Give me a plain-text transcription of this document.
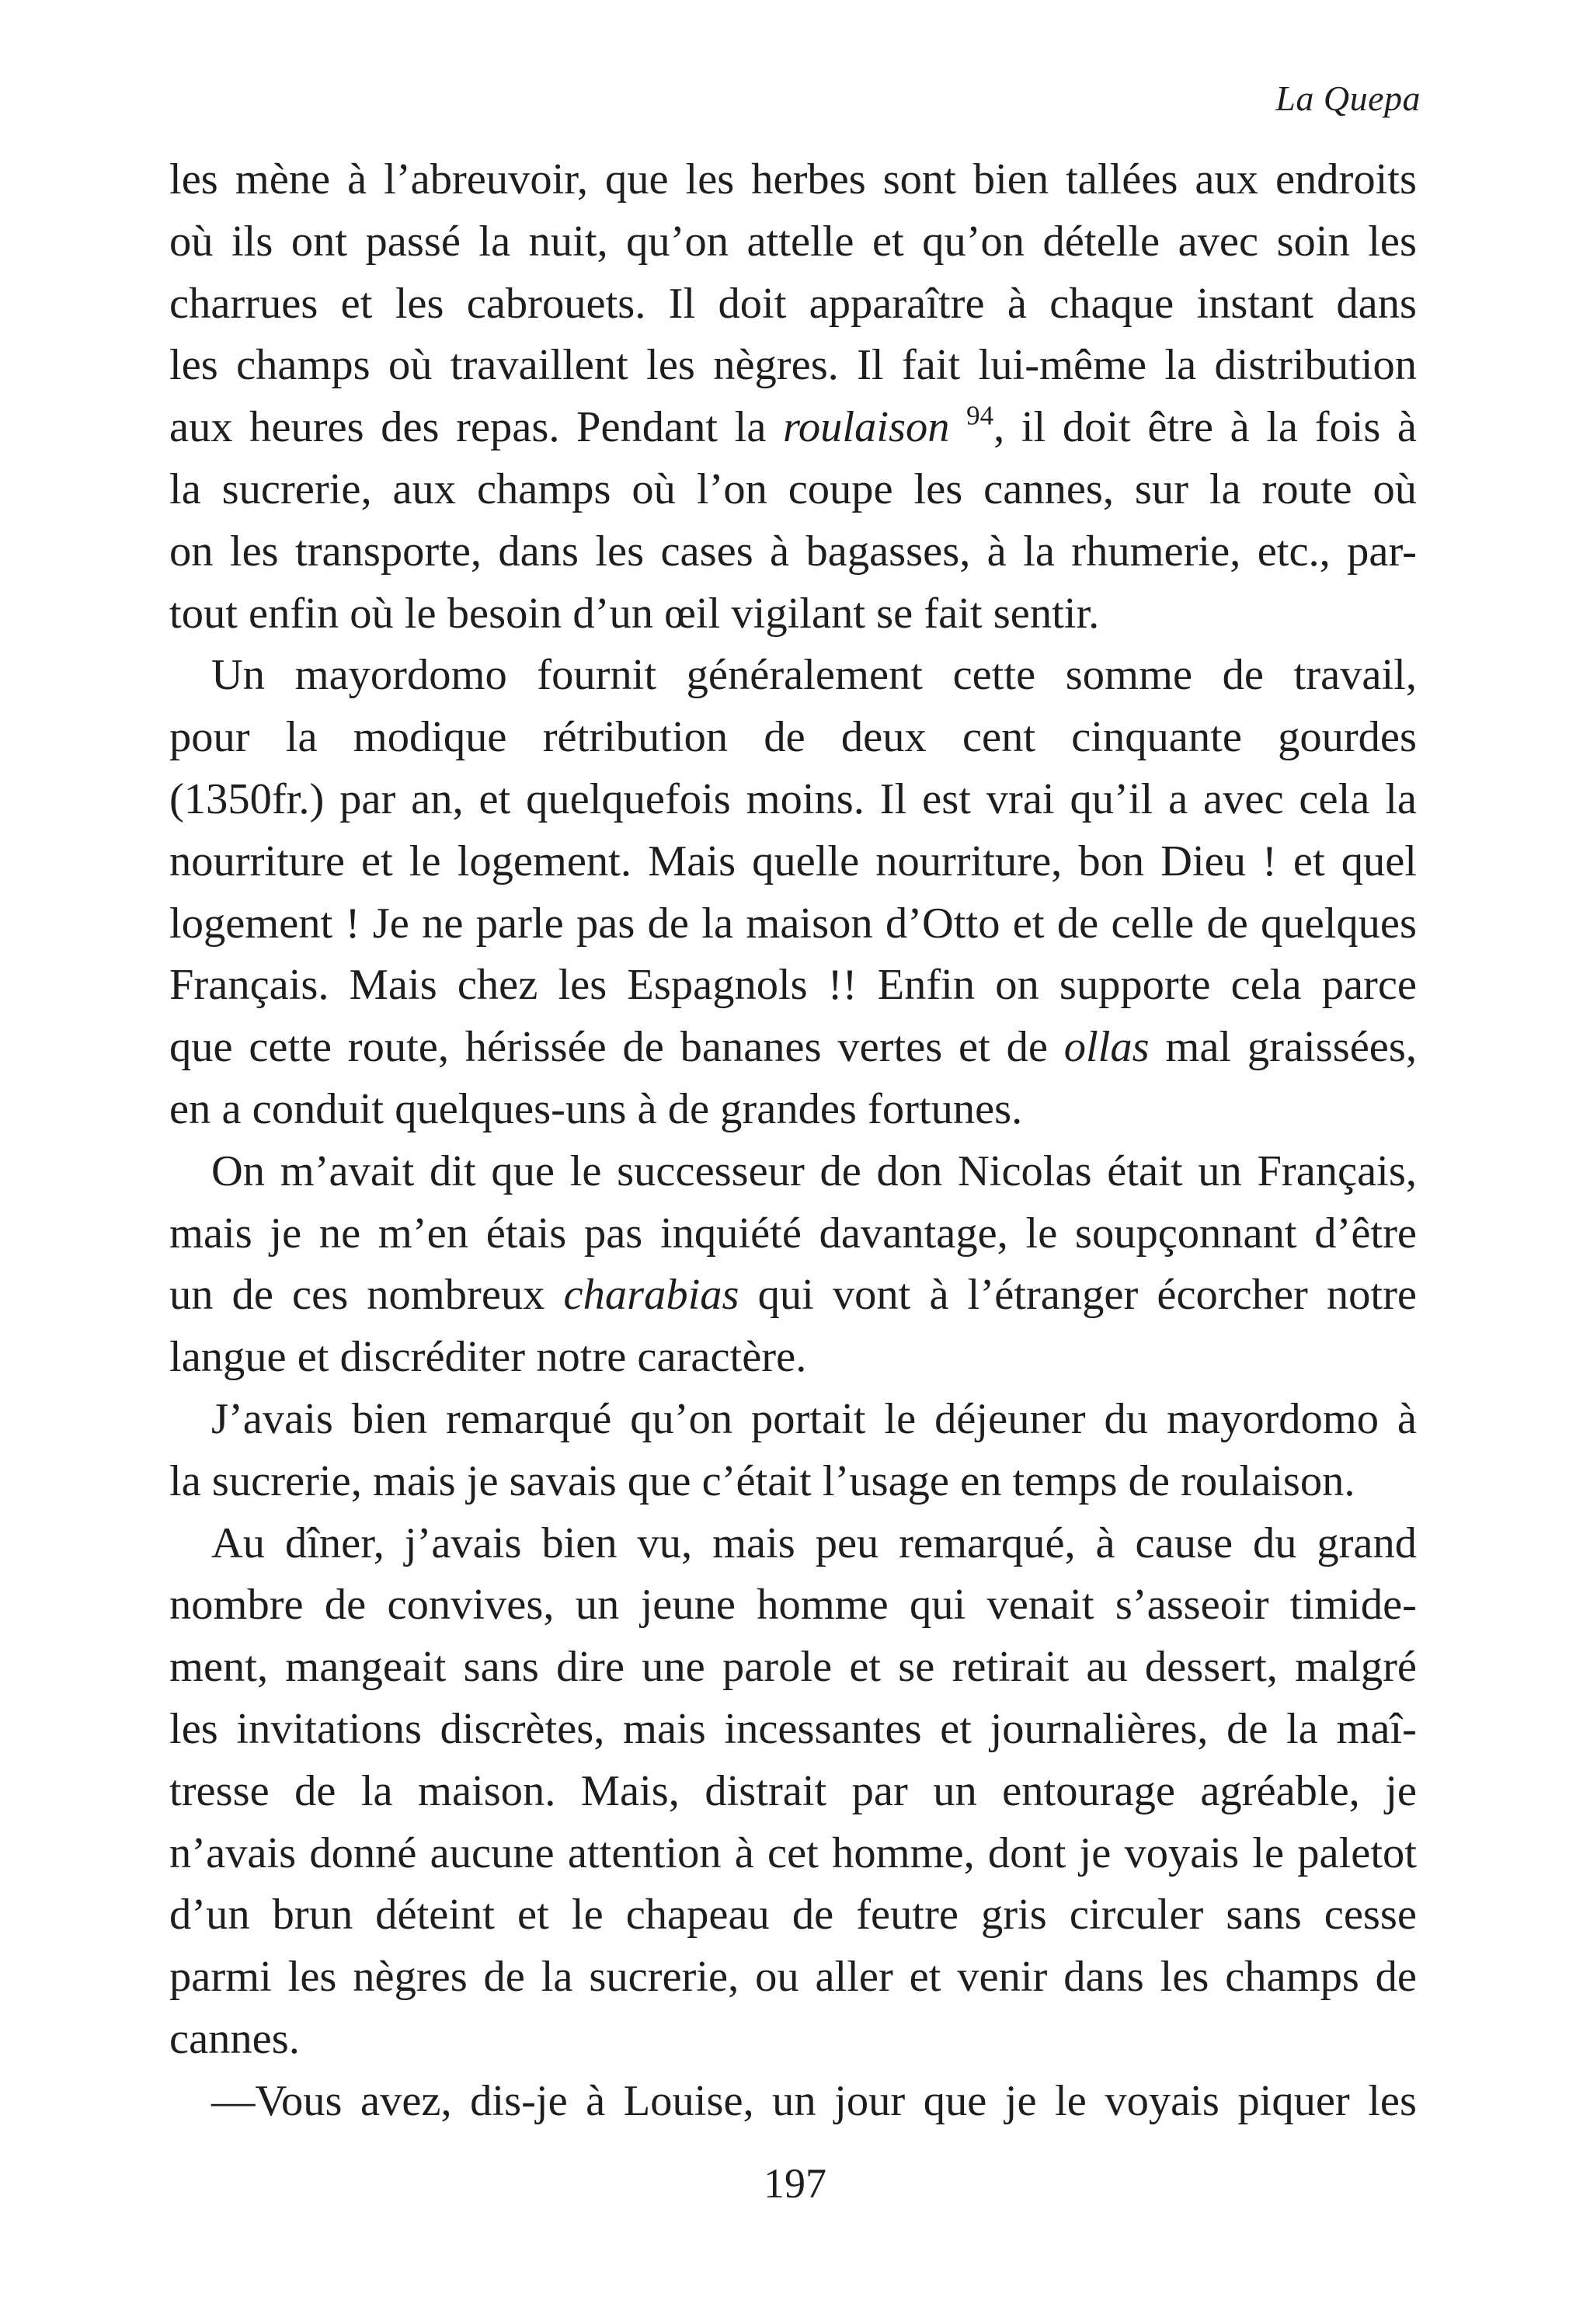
La Quepa
les mène à l’abreuvoir, que les herbes sont bien tallées aux endroits
où ils ont passé la nuit, qu’on attelle et qu’on dételle avec soin les
charrues et les cabrouets. Il doit apparaître à chaque instant dans
les champs où travaillent les nègres. Il fait lui-même la distribution
aux heures des repas. Pendant la roulaison $^{94}$, il doit être à la fois à
la sucrerie, aux champs où l’on coupe les cannes, sur la route où
on les transporte, dans les cases à bagasses, à la rhumerie, etc., par-
tout enfin où le besoin d’un œil vigilant se fait sentir.
Un mayordomo fournit généralement cette somme de travail,
pour la modique rétribution de deux cent cinquante gourdes
(1350fr.) par an, et quelquefois moins. Il est vrai qu’il a avec cela la
nourriture et le logement. Mais quelle nourriture, bon Dieu ! et quel
logement ! Je ne parle pas de la maison d’Otto et de celle de quelques
Français. Mais chez les Espagnols !! Enfin on supporte cela parce
que cette route, hérissée de bananes vertes et de ollas mal graissées,
en a conduit quelques-uns à de grandes fortunes.
On m’avait dit que le successeur de don Nicolas était un Français,
mais je ne m’en étais pas inquiété davantage, le soupçonnant d’être
un de ces nombreux charabias qui vont à l’étranger écorcher notre
langue et discréditer notre caractère.
J’avais bien remarqué qu’on portait le déjeuner du mayordomo à
la sucrerie, mais je savais que c’était l’usage en temps de roulaison.
Au dîner, j’avais bien vu, mais peu remarqué, à cause du grand
nombre de convives, un jeune homme qui venait s’asseoir timide-
ment, mangeait sans dire une parole et se retirait au dessert, malgré
les invitations discrètes, mais incessantes et journalières, de la maî-
tresse de la maison. Mais, distrait par un entourage agréable, je
n’avais donné aucune attention à cet homme, dont je voyais le paletot
d’un brun déteint et le chapeau de feutre gris circuler sans cesse
parmi les nègres de la sucrerie, ou aller et venir dans les champs de
cannes.
—Vous avez, dis-je à Louise, un jour que je le voyais piquer les
197
